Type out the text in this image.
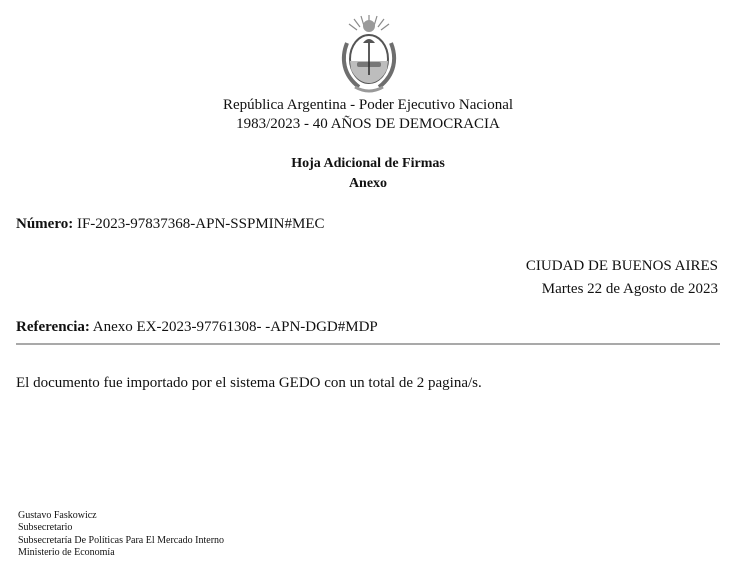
República Argentina - Poder Ejecutivo Nacional
1983/2023 - 40 AÑOS DE DEMOCRACIA
Hoja Adicional de Firmas
Anexo
Número: IF-2023-97837368-APN-SSPMIN#MEC
CIUDAD DE BUENOS AIRES
Martes 22 de Agosto de 2023
Referencia: Anexo EX-2023-97761308- -APN-DGD#MDP
El documento fue importado por el sistema GEDO con un total de 2 pagina/s.
Gustavo Faskowicz
Subsecretario
Subsecretaría De Políticas Para El Mercado Interno
Ministerio de Economía
